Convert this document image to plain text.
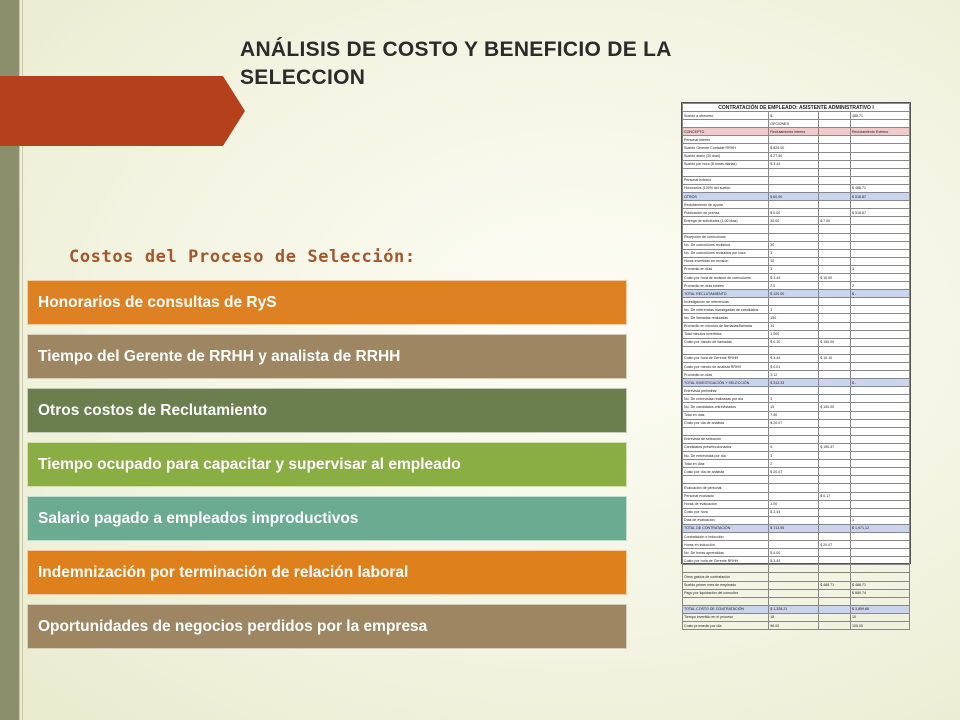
ANÁLISIS DE COSTO Y BENEFICIO DE LA SELECCION
Costos del Proceso de Selección:
Honorarios de consultas de RyS
Tiempo del Gerente de RRHH y analista de RRHH
Otros costos de Reclutamiento
Tiempo ocupado para capacitar y supervisar al empleado
Salario pagado a empleados improductivos
Indemnización por terminación de relación laboral
Oportunidades de negocios perdidos por la empresa
CONTRATACIÓN DE EMPLEADO: ASISTENTE ADMINISTRATIVO I			
Sueldo a ofrecerlo	$		488.71
	OPCIONES		
CONCEPTO	Reclutamiento interno		Reclutamiento Externo
Personal interno			
Sueldo Gerente Contable RRHH	$ 825.00		
Sueldo diario (30 días)	$ 27.50		
Sueldo por hora (8 horas diarias)	$ 3.44		

Personal externo			
Honorarios (100% del sueldo			$ 488.71
OTROS	$ 60.00		$ 518.87
Reclutamiento de ayuda			
Publicación de prensa	$ 0.00		$ 518.87
Entrega de solicitudes (1.00 días)	30.00	$ 7.00	

Recepción de currículums			
No. De currículums recibidos	30		
No. De currículums revisados por hora	3		
Horas invertidas en revisión	10		
Promedio en días	3		3
Costo por hora de revisión de currículums	$ 3.44	$ 10.00	
Promedio en días totales	2.0		2
TOTAL RECLUTAMIENTO	$ 120.00		$ -
Investigación de referencias			
No. De referencias investigadas de candidatos	3		
No. De llamadas realizadas	150		
Promedio en minutos de llamadas/llamada	10		
Total minutos invertidos	1,500		
Costo por minuto de llamadas	$ 0.10	$ 150.00	

Costo por hora de Gerente RRHH	$ 3.44	$ 10.10	
Costo por minuto de analista RRHH	$ 0.01		
Promedio en días	3.12		
TOTAL INVESTIGACIÓN Y SELECCIÓN	$ 313.33		$ -
Entrevista preliminar			
No. De entrevistas realizadas por día	3		
No. De candidatos entrevistados	15	$ 150.00	
Total en días	7.50		
Costo por día de analista	$ 20.07		

Entrevista de selección			
Candidatos preseleccionados	5	$ 150.37	
No. De entrevistas por día	3		
Total en días	2		
Costo por día de analista	$ 20.07		

Evaluación de personal			
Personal evaluado		$ 0.17	
Horas de evaluación	1.00		
Costo por hora	$ 3.44		
Días de evaluación			1
TOTAL DE CONTRATACIÓN	$ 713.95		$ 1,971.12
Contratación e inducción			
Horas en inducción		$ 20.07	
No. De horas aprendidas	$ 4.00		
Costo por hora de Gerente RRHH	$ 3.44		

Otros gastos de contratación			
Sueldo primer mes de empleado		$ 488.71	$ 488.71
Pago por liquidación del consultor			$ 880.74

TOTAL COSTO DE CONTRATACIÓN	$ 1,328.21		$ 3,859.68
Tiempo invertido en el proceso	18		10
Costo promedio por día	96.00		105.00
